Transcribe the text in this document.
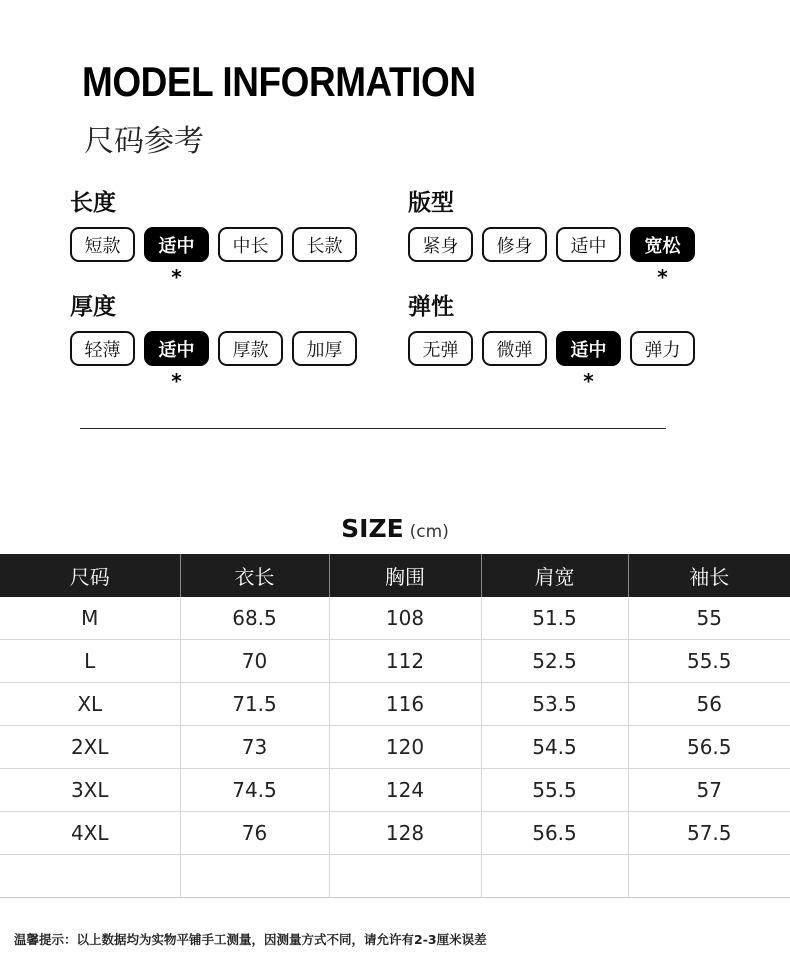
MODEL INFORMATION
尺码参考
长度
短款 适中
*
中长 长款
版型
紧身 修身 适中 宽松
*
厚度
轻薄 适中
*
厚款 加厚
弹性
无弹 微弹 适中
*
弹力
SIZE (cm)
尺码	衣长	胸围	肩宽	袖长
M	68.5	108	51.5	55
L	70	112	52.5	55.5
XL	71.5	116	53.5	56
2XL	73	120	54.5	56.5
3XL	74.5	124	55.5	57
4XL	76	128	56.5	57.5

温馨提示：以上数据均为实物平铺手工测量，因测量方式不同，请允许有2-3厘米误差
